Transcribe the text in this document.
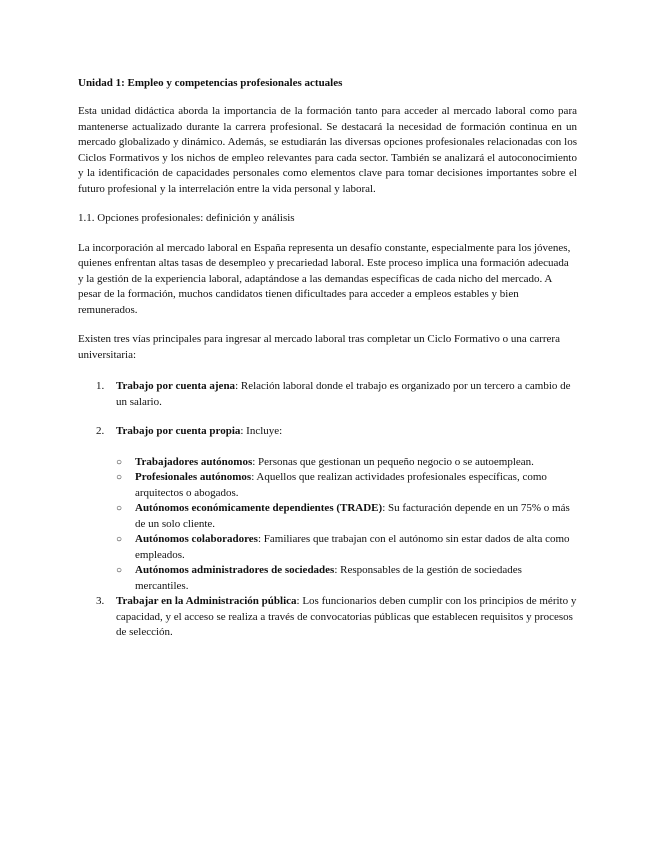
Unidad 1: Empleo y competencias profesionales actuales

Esta unidad didáctica aborda la importancia de la formación tanto para acceder al mercado laboral como para mantenerse actualizado durante la carrera profesional. Se destacará la necesidad de formación continua en un mercado globalizado y dinámico. Además, se estudiarán las diversas opciones profesionales relacionadas con los Ciclos Formativos y los nichos de empleo relevantes para cada sector. También se analizará el autoconocimiento y la identificación de capacidades personales como elementos clave para tomar decisiones importantes sobre el futuro profesional y la interrelación entre la vida personal y laboral.

1.1. Opciones profesionales: definición y análisis

La incorporación al mercado laboral en España representa un desafío constante, especialmente para los jóvenes, quienes enfrentan altas tasas de desempleo y precariedad laboral. Este proceso implica una formación adecuada y la gestión de la experiencia laboral, adaptándose a las demandas específicas de cada nicho del mercado. A pesar de la formación, muchos candidatos tienen dificultades para acceder a empleos estables y bien remunerados.

Existen tres vías principales para ingresar al mercado laboral tras completar un Ciclo Formativo o una carrera universitaria:

1. Trabajo por cuenta ajena: Relación laboral donde el trabajo es organizado por un tercero a cambio de un salario.
2. Trabajo por cuenta propia: Incluye:
○ Trabajadores autónomos: Personas que gestionan un pequeño negocio o se autoemplean.
○ Profesionales autónomos: Aquellos que realizan actividades profesionales específicas, como arquitectos o abogados.
○ Autónomos económicamente dependientes (TRADE): Su facturación depende en un 75% o más de un solo cliente.
○ Autónomos colaboradores: Familiares que trabajan con el autónomo sin estar dados de alta como empleados.
○ Autónomos administradores de sociedades: Responsables de la gestión de sociedades mercantiles.
3. Trabajar en la Administración pública: Los funcionarios deben cumplir con los principios de mérito y capacidad, y el acceso se realiza a través de convocatorias públicas que establecen requisitos y procesos de selección.
